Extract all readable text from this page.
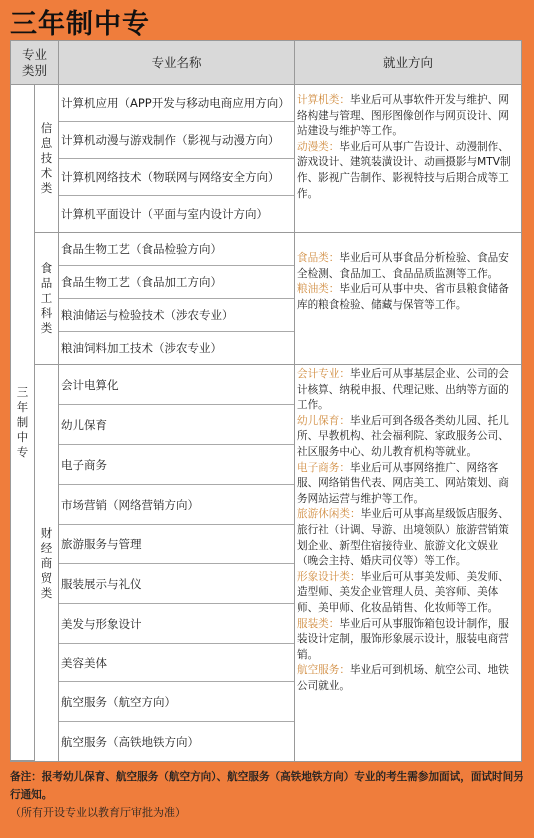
三年制中专
专业类别
专业名称	就业方向
三年制中专
信息技术类
食品工科类
财经商贸类
计算机应用（APP开发与移动电商应用方向）
计算机动漫与游戏制作（影视与动漫方向）
计算机网络技术（物联网与网络安全方向）
计算机平面设计（平面与室内设计方向）
食品生物工艺（食品检验方向）
食品生物工艺（食品加工方向）
粮油储运与检验技术（涉农专业）
粮油饲料加工技术（涉农专业）
会计电算化
幼儿保育
电子商务
市场营销（网络营销方向）
旅游服务与管理
服装展示与礼仪
美发与形象设计
美容美体
航空服务（航空方向）
航空服务（高铁地铁方向）

计算机类：毕业后可从事软件开发与维护、网络构建与管理、图形图像创作与网页设计、网站建设与维护等工作。

动漫类：毕业后可从事广告设计、动漫制作、游戏设计、建筑装潢设计、动画摄影与MTV制作、影视广告制作、影视特技与后期合成等工作。

食品类：毕业后可从事食品分析检验、食品安全检测、食品加工、食品品质监测等工作。

粮油类：毕业后可从事中央、省市县粮食储备库的粮食检验、储藏与保管等工作。

会计专业：毕业后可从事基层企业、公司的会计核算、纳税申报、代理记账、出纳等方面的工作。

幼儿保育：毕业后可到各级各类幼儿园、托儿所、早教机构、社会福利院、家政服务公司、社区服务中心、幼儿教育机构等就业。

电子商务：毕业后可从事网络推广、网络客服、网络销售代表、网店美工、网站策划、商务网站运营与维护等工作。

旅游休闲类：毕业后可从事高星级饭店服务、旅行社（计调、导游、出境领队）旅游营销策划企业、新型住宿接待业、旅游文化文娱业（晚会主持、婚庆司仪等）等工作。

形象设计类：毕业后可从事美发师、美发师、造型师、美发企业管理人员、美容师、美体师、美甲师、化妆品销售、化妆师等工作。

服装类：毕业后可从事服饰箱包设计制作，服装设计定制，服饰形象展示设计，服装电商营销。

航空服务：毕业后可到机场、航空公司、地铁公司就业。

备注：报考幼儿保育、航空服务（航空方向）、航空服务（高铁地铁方向）专业的考生需参加面试，面试时间另行通知。
（所有开设专业以教育厅审批为准）
